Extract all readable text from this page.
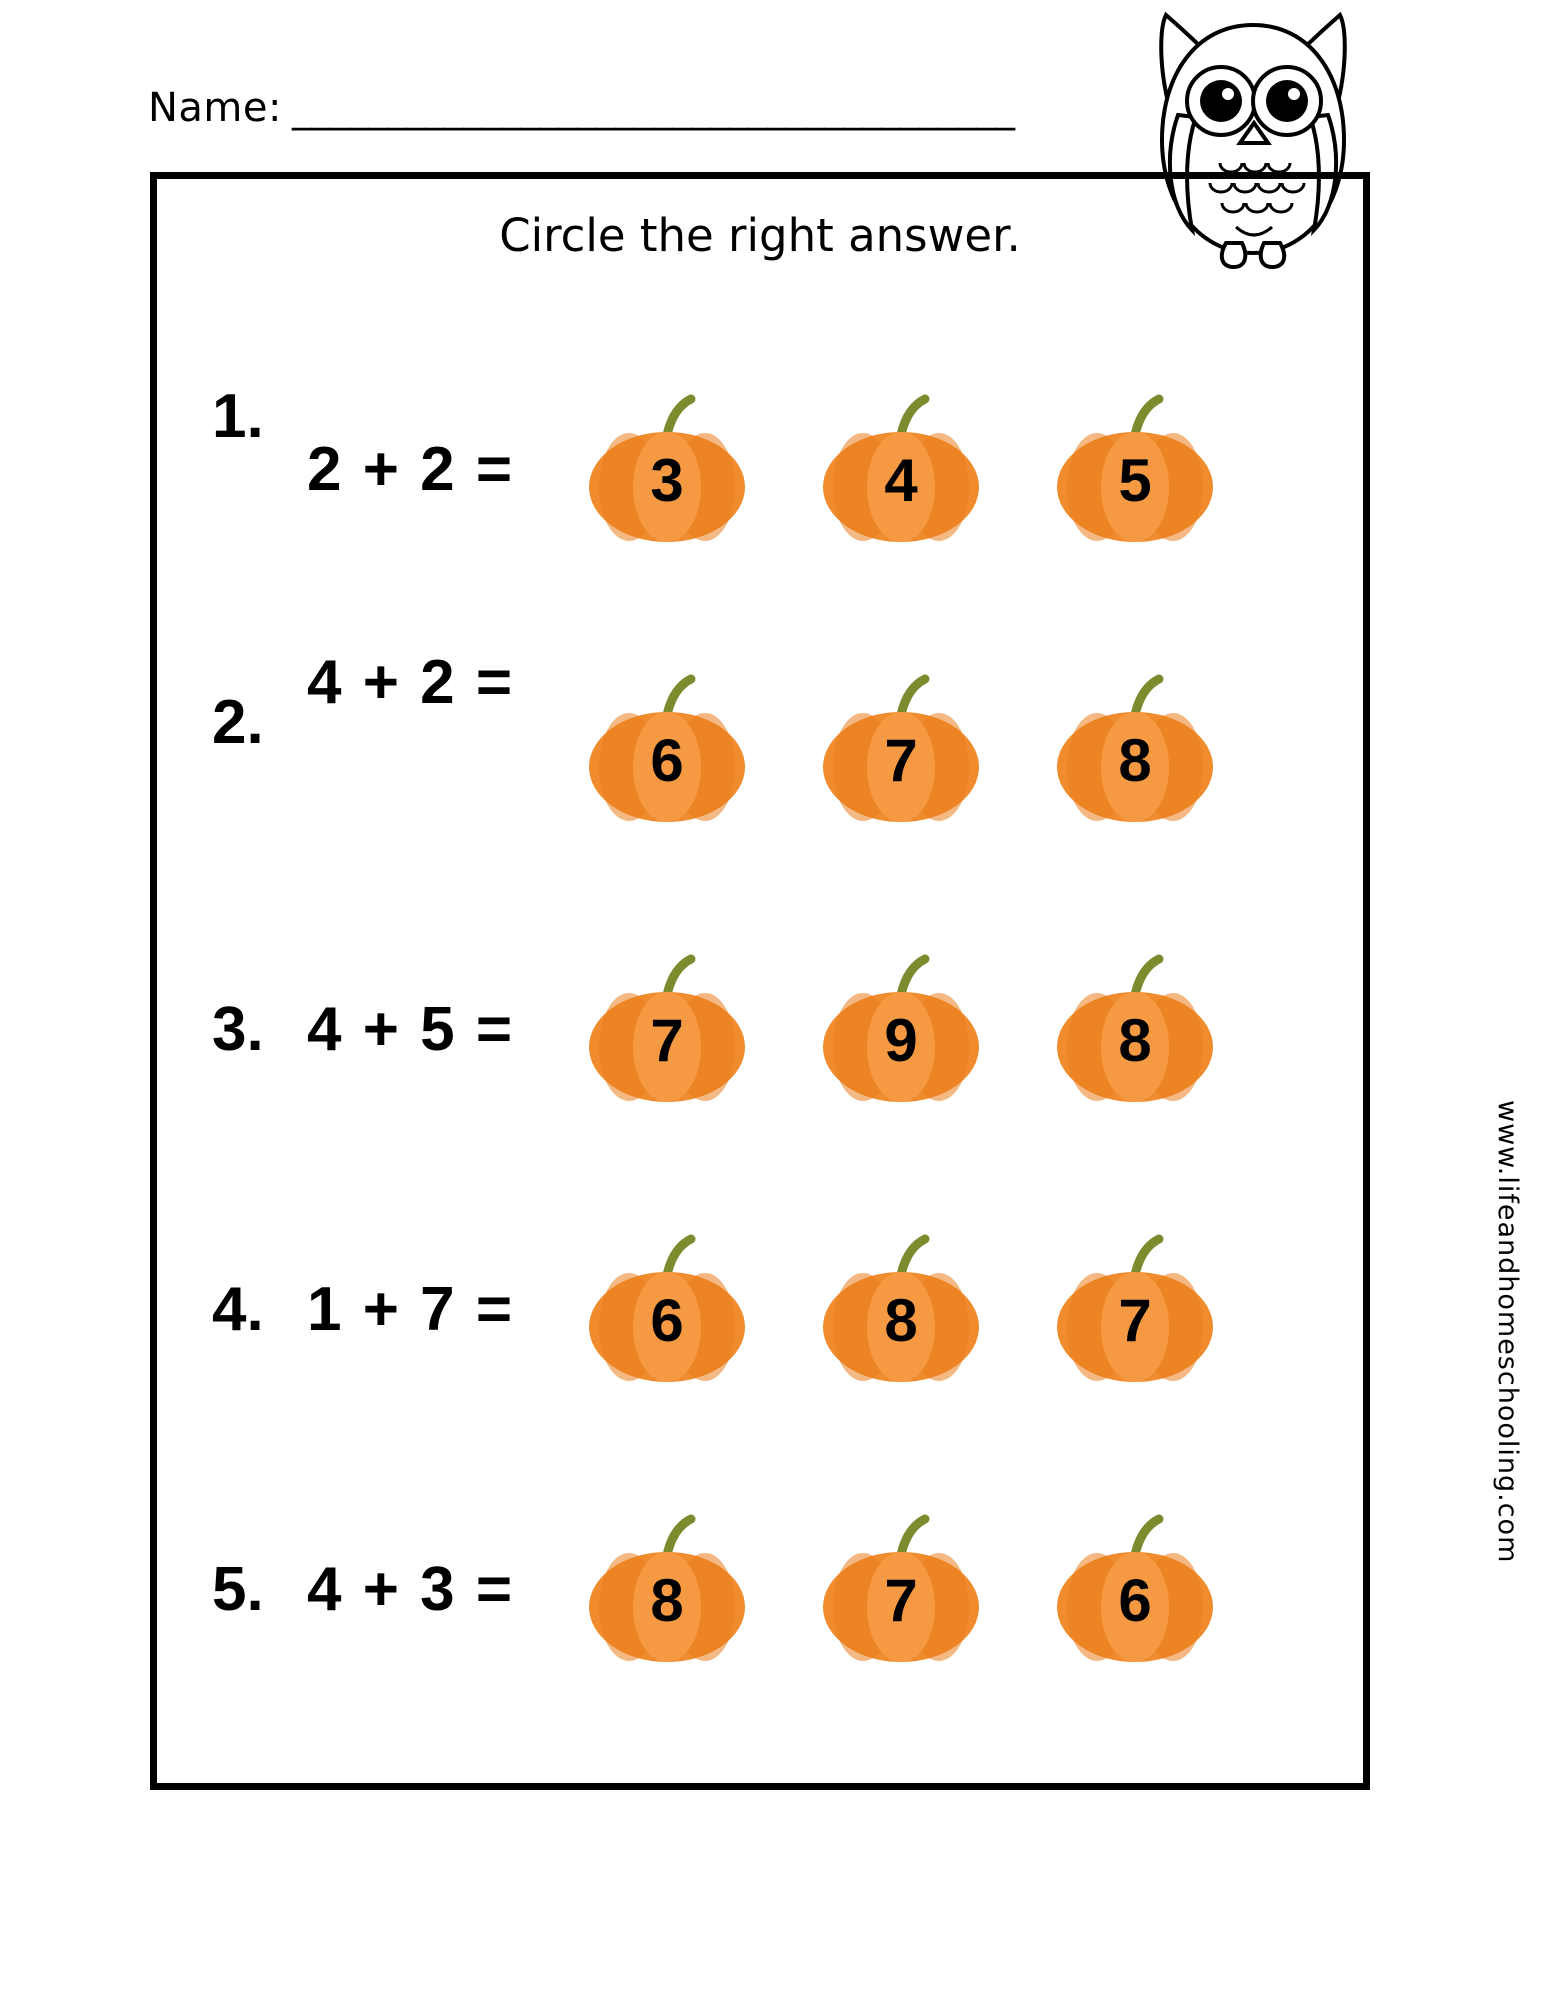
Name: ______________________________________
Circle the right answer.
1.
2 + 2 =	3	4	5
2.
4 + 2 =
6	7	8
3. 4 + 5 =	7	9	8
4. 1 + 7 =	6	8	7
5. 4 + 3 =	8	7	6
www.lifeandhomeschooling.com
